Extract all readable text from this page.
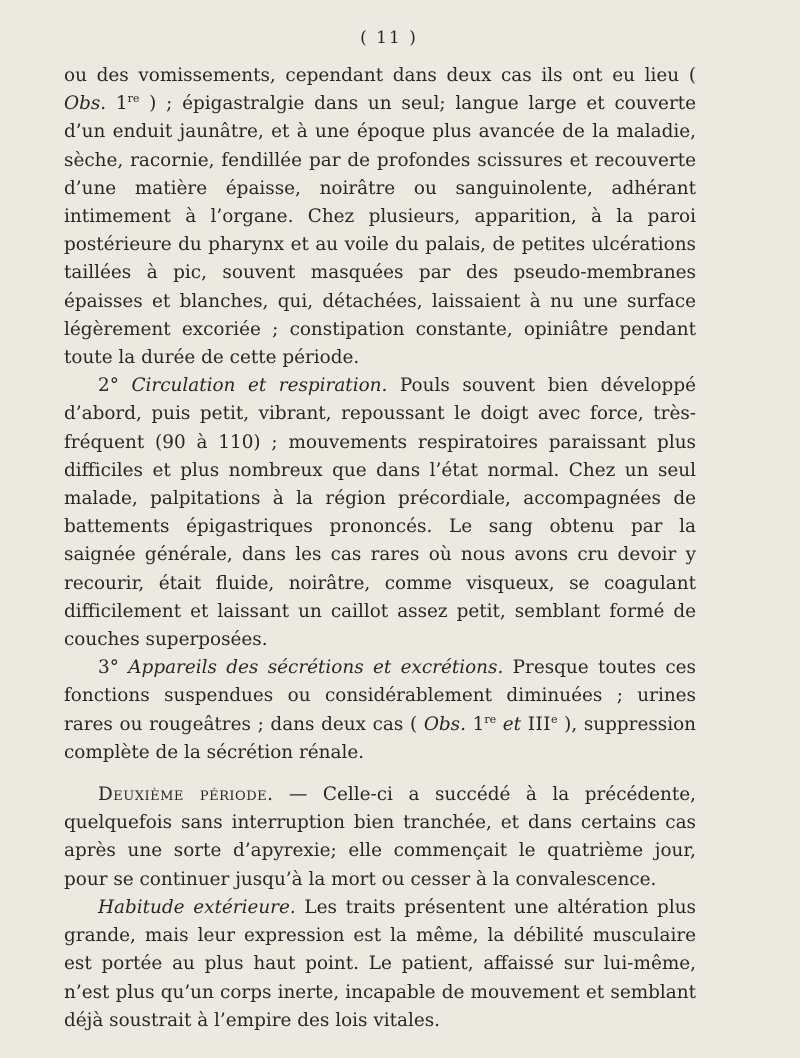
( 11 )

ou des vomissements, cependant dans deux cas ils ont eu lieu ( Obs. 1re ) ; épigastralgie dans un seul; langue large et couverte d’un enduit jaunâtre, et à une époque plus avancée de la maladie, sèche, racornie, fendillée par de profondes scissures et recouverte d’une matière épaisse, noirâtre ou sanguinolente, adhérant intimement à l’organe. Chez plusieurs, apparition, à la paroi postérieure du pharynx et au voile du palais, de petites ulcérations taillées à pic, souvent masquées par des pseudo-membranes épaisses et blanches, qui, détachées, laissaient à nu une surface légèrement excoriée ; constipation constante, opiniâtre pendant toute la durée de cette période.

2° Circulation et respiration. Pouls souvent bien développé d’abord, puis petit, vibrant, repoussant le doigt avec force, très-fréquent (90 à 110) ; mouvements respiratoires paraissant plus difficiles et plus nombreux que dans l’état normal. Chez un seul malade, palpitations à la région précordiale, accompagnées de battements épigastriques prononcés. Le sang obtenu par la saignée générale, dans les cas rares où nous avons cru devoir y recourir, était fluide, noirâtre, comme visqueux, se coagulant difficilement et laissant un caillot assez petit, semblant formé de couches superposées.

3° Appareils des sécrétions et excrétions. Presque toutes ces fonctions suspendues ou considérablement diminuées ; urines rares ou rougeâtres ; dans deux cas ( Obs. 1re et IIIe ), suppression complète de la sécrétion rénale.

Deuxième période. — Celle-ci a succédé à la précédente, quelquefois sans interruption bien tranchée, et dans certains cas après une sorte d’apyrexie; elle commençait le quatrième jour, pour se continuer jusqu’à la mort ou cesser à la convalescence.

Habitude extérieure. Les traits présentent une altération plus grande, mais leur expression est la même, la débilité musculaire est portée au plus haut point. Le patient, affaissé sur lui-même, n’est plus qu’un corps inerte, incapable de mouvement et semblant déjà soustrait à l’empire des lois vitales.
